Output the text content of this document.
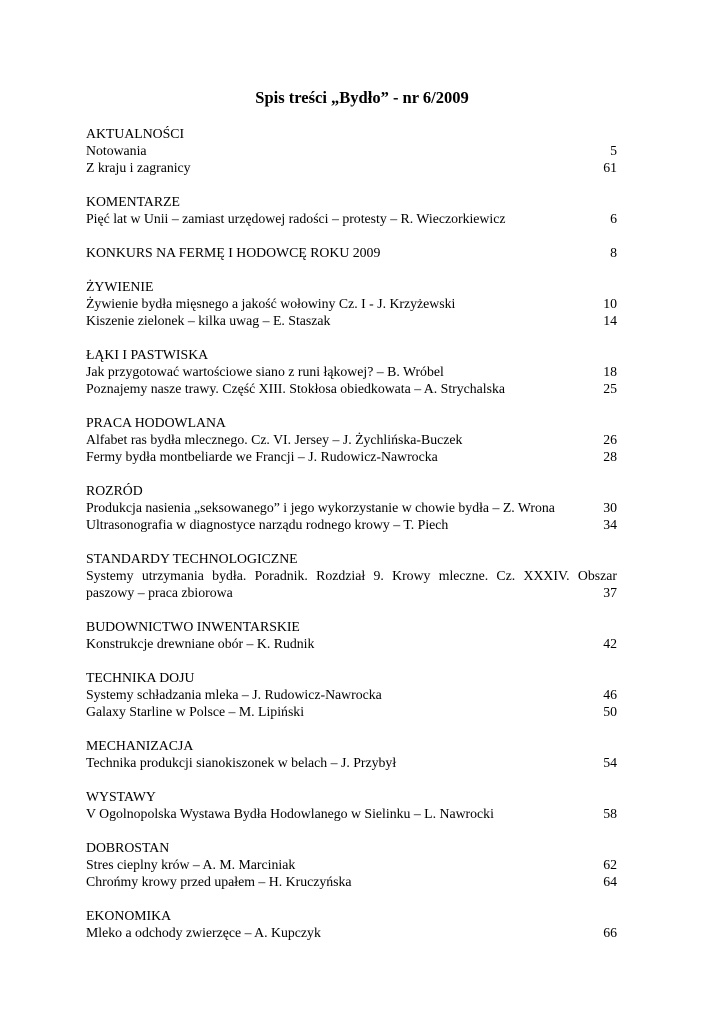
Spis treści „Bydło” - nr 6/2009
AKTUALNOŚCI
Notowania	5
Z kraju i zagranicy	61
KOMENTARZE
Pięć lat w Unii – zamiast urzędowej radości – protesty – R. Wieczorkiewicz	6
KONKURS NA FERMĘ I HODOWCĘ ROKU 2009	8
ŻYWIENIE
Żywienie bydła mięsnego a jakość wołowiny Cz. I - J. Krzyżewski	10
Kiszenie zielonek – kilka uwag – E. Staszak	14
ŁĄKI I PASTWISKA
Jak przygotować wartościowe siano z runi łąkowej? – B. Wróbel	18
Poznajemy nasze trawy. Część XIII. Stokłosa obiedkowata – A. Strychalska	25
PRACA HODOWLANA
Alfabet ras bydła mlecznego. Cz. VI. Jersey – J. Żychlińska-Buczek	26
Fermy bydła montbeliarde we Francji – J. Rudowicz-Nawrocka	28
ROZRÓD
Produkcja nasienia „seksowanego” i jego wykorzystanie w chowie bydła – Z. Wrona	30
Ultrasonografia w diagnostyce narządu rodnego krowy – T. Piech	34
STANDARDY TECHNOLOGICZNE
Systemy utrzymania bydła. Poradnik. Rozdział 9. Krowy mleczne. Cz. XXXIV. Obszar
paszowy – praca zbiorowa	37
BUDOWNICTWO INWENTARSKIE
Konstrukcje drewniane obór – K. Rudnik	42
TECHNIKA DOJU
Systemy schładzania mleka – J. Rudowicz-Nawrocka	46
Galaxy Starline w Polsce – M. Lipiński	50
MECHANIZACJA
Technika produkcji sianokiszonek w belach – J. Przybył	54
WYSTAWY
V Ogolnopolska Wystawa Bydła Hodowlanego w Sielinku – L. Nawrocki	58
DOBROSTAN
Stres cieplny krów – A. M. Marciniak	62
Chrońmy krowy przed upałem – H. Kruczyńska	64
EKONOMIKA
Mleko a odchody zwierzęce – A. Kupczyk	66
